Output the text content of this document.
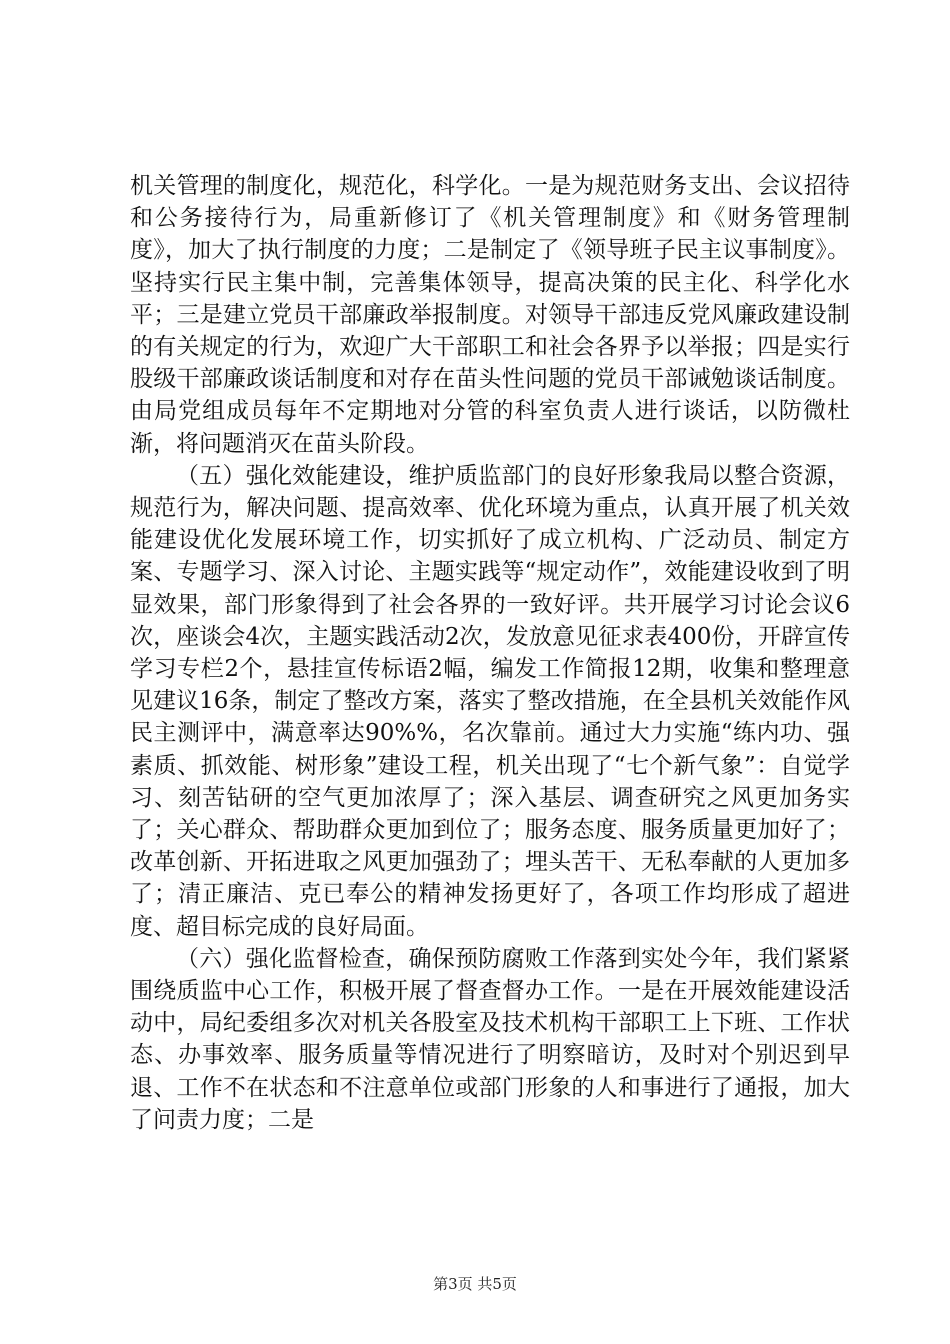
机关管理的制度化，规范化，科学化。一是为规范财务支出、会议招待和公务接待行为，局重新修订了《机关管理制度》和《财务管理制度》，加大了执行制度的力度；二是制定了《领导班子民主议事制度》。坚持实行民主集中制，完善集体领导，提高决策的民主化、科学化水平；三是建立党员干部廉政举报制度。对领导干部违反党风廉政建设制的有关规定的行为，欢迎广大干部职工和社会各界予以举报；四是实行股级干部廉政谈话制度和对存在苗头性问题的党员干部诫勉谈话制度。由局党组成员每年不定期地对分管的科室负责人进行谈话，以防微杜渐，将问题消灭在苗头阶段。

（五）强化效能建设，维护质监部门的良好形象我局以整合资源，规范行为，解决问题、提高效率、优化环境为重点，认真开展了机关效能建设优化发展环境工作，切实抓好了成立机构、广泛动员、制定方案、专题学习、深入讨论、主题实践等“规定动作”，效能建设收到了明显效果，部门形象得到了社会各界的一致好评。共开展学习讨论会议6次，座谈会4次，主题实践活动2次，发放意见征求表400份，开辟宣传学习专栏2个，悬挂宣传标语2幅，编发工作简报12期，收集和整理意见建议16条，制定了整改方案，落实了整改措施，在全县机关效能作风民主测评中，满意率达90%%，名次靠前。通过大力实施“练内功、强素质、抓效能、树形象”建设工程，机关出现了“七个新气象”：自觉学习、刻苦钻研的空气更加浓厚了；深入基层、调查研究之风更加务实了；关心群众、帮助群众更加到位了；服务态度、服务质量更加好了；改革创新、开拓进取之风更加强劲了；埋头苦干、无私奉献的人更加多了；清正廉洁、克已奉公的精神发扬更好了，各项工作均形成了超进度、超目标完成的良好局面。

（六）强化监督检查，确保预防腐败工作落到实处今年，我们紧紧围绕质监中心工作，积极开展了督查督办工作。一是在开展效能建设活动中，局纪委组多次对机关各股室及技术机构干部职工上下班、工作状态、办事效率、服务质量等情况进行了明察暗访，及时对个别迟到早退、工作不在状态和不注意单位或部门形象的人和事进行了通报，加大了问责力度；二是

第3页 共5页
